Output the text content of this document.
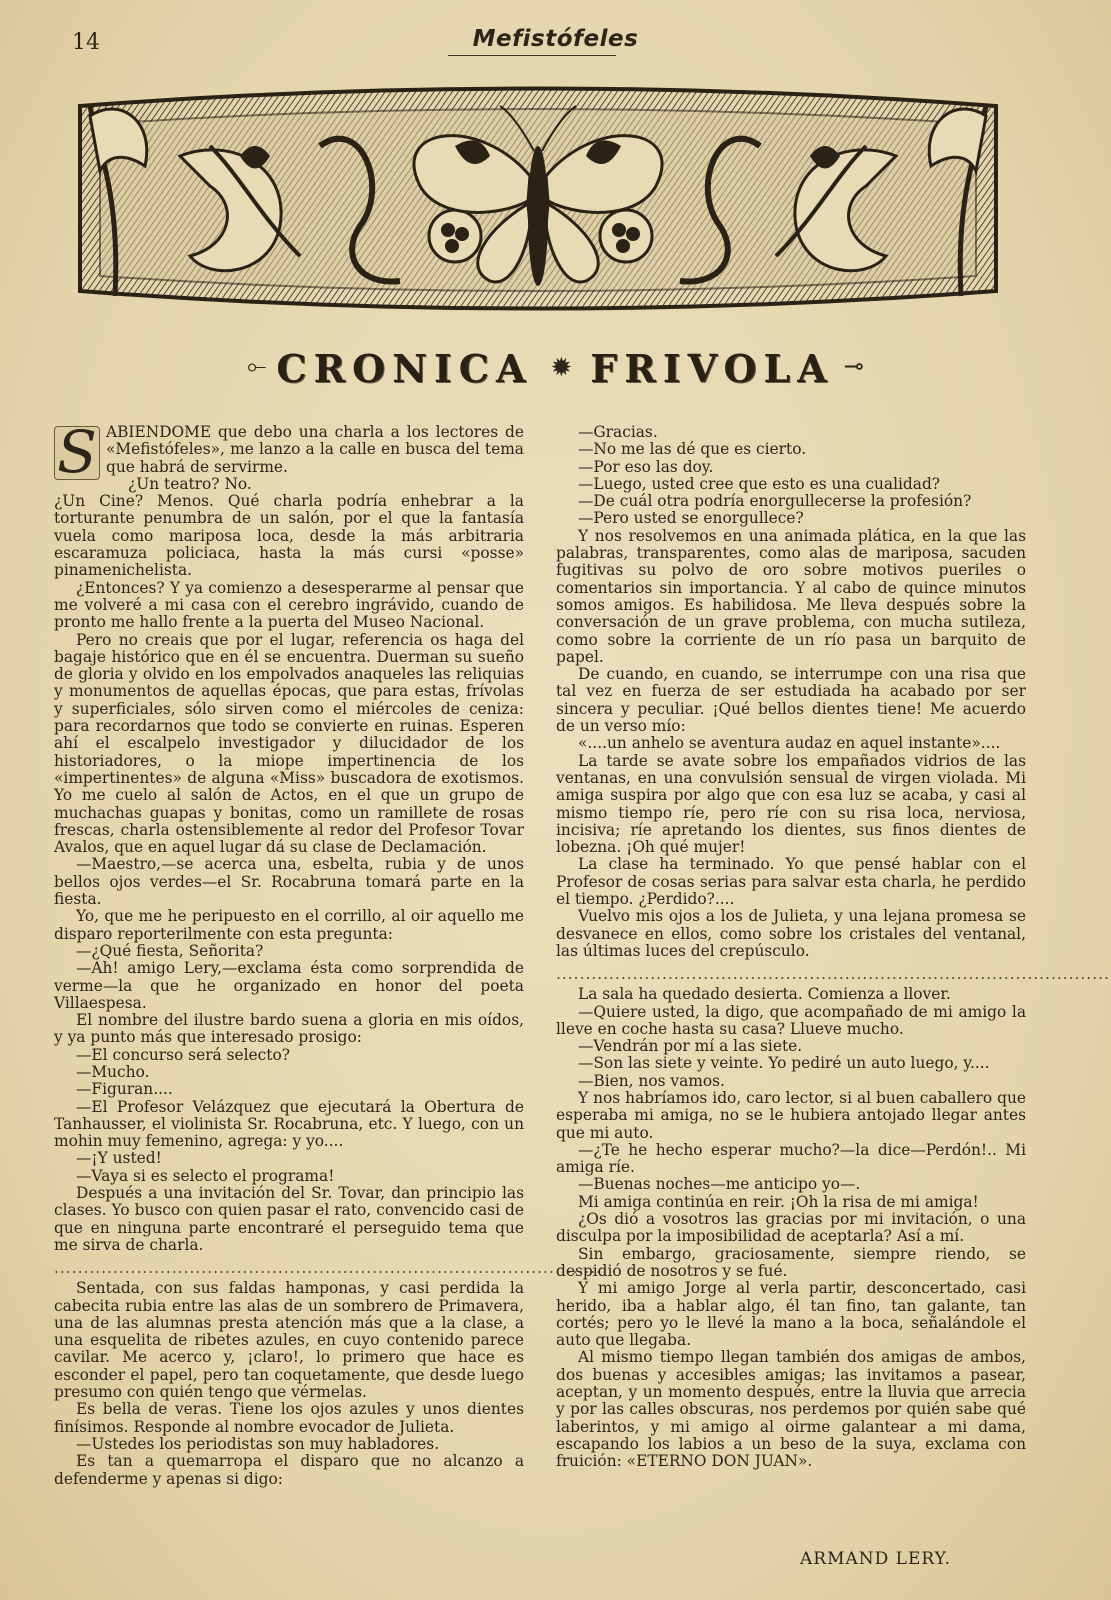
14	Mefistófeles
⟜ CRONICA ✹ FRIVOLA ⊸
S ABIENDOME que debo una charla a los lectores de «Mefistófeles», me lanzo a la calle en busca del tema que habrá de servirme.

¿Un teatro? No.

¿Un Cine? Menos. Qué charla podría enhebrar a la torturante penumbra de un salón, por el que la fantasía vuela como mariposa loca, desde la más arbitraria escaramuza policiaca, hasta la más cursi «posse» pinamenichelista.

¿Entonces? Y ya comienzo a desesperarme al pensar que me volveré a mi casa con el cerebro ingrávido, cuando de pronto me hallo frente a la puerta del Museo Nacional.

Pero no creais que por el lugar, referencia os haga del bagaje histórico que en él se encuentra. Duerman su sueño de gloria y olvido en los empolvados anaqueles las reliquias y monumentos de aquellas épocas, que para estas, frívolas y superficiales, sólo sirven como el miércoles de ceniza: para recordarnos que todo se convierte en ruinas. Esperen ahí el escalpelo investigador y dilucidador de los historiadores, o la miope impertinencia de los «impertinentes» de alguna «Miss» buscadora de exotismos. Yo me cuelo al salón de Actos, en el que un grupo de muchachas guapas y bonitas, como un ramillete de rosas frescas, charla ostensiblemente al redor del Profesor Tovar Avalos, que en aquel lugar dá su clase de Declamación.

—Maestro,—se acerca una, esbelta, rubia y de unos bellos ojos verdes—el Sr. Rocabruna tomará parte en la fiesta.

Yo, que me he peripuesto en el corrillo, al oir aquello me disparo reporterilmente con esta pregunta:

—¿Qué fiesta, Señorita?

—Ah! amigo Lery,—exclama ésta como sorprendida de verme—la que he organizado en honor del poeta Villaespesa.

El nombre del ilustre bardo suena a gloria en mis oídos, y ya punto más que interesado prosigo:

—El concurso será selecto?

—Mucho.

—Figuran....

—El Profesor Velázquez que ejecutará la Obertura de Tanhausser, el violinista Sr. Rocabruna, etc. Y luego, con un mohin muy femenino, agrega: y yo....

—¡Y usted!

—Vaya si es selecto el programa!

Después a una invitación del Sr. Tovar, dan principio las clases. Yo busco con quien pasar el rato, convencido casi de que en ninguna parte encontraré el perseguido tema que me sirva de charla.

..............................................................................................

Sentada, con sus faldas hamponas, y casi perdida la cabecita rubia entre las alas de un sombrero de Primavera, una de las alumnas presta atención más que a la clase, a una esquelita de ribetes azules, en cuyo contenido parece cavilar. Me acerco y, ¡claro!, lo primero que hace es esconder el papel, pero tan coquetamente, que desde luego presumo con quién tengo que vérmelas.

Es bella de veras. Tiene los ojos azules y unos dientes finísimos. Responde al nombre evocador de Julieta.

—Ustedes los periodistas son muy habladores.

Es tan a quemarropa el disparo que no alcanzo a defenderme y apenas si digo:

—Gracias.

—No me las dé que es cierto.

—Por eso las doy.

—Luego, usted cree que esto es una cualidad?

—De cuál otra podría enorgullecerse la profesión?

—Pero usted se enorgullece?

Y nos resolvemos en una animada plática, en la que las palabras, transparentes, como alas de mariposa, sacuden fugitivas su polvo de oro sobre motivos pueriles o comentarios sin importancia. Y al cabo de quince minutos somos amigos. Es habilidosa. Me lleva después sobre la conversación de un grave problema, con mucha sutileza, como sobre la corriente de un río pasa un barquito de papel.

De cuando, en cuando, se interrumpe con una risa que tal vez en fuerza de ser estudiada ha acabado por ser sincera y peculiar. ¡Qué bellos dientes tiene! Me acuerdo de un verso mío:

«....un anhelo se aventura audaz en aquel instante»....

La tarde se avate sobre los empañados vidrios de las ventanas, en una convulsión sensual de virgen violada. Mi amiga suspira por algo que con esa luz se acaba, y casi al mismo tiempo ríe, pero ríe con su risa loca, nerviosa, incisiva; ríe apretando los dientes, sus finos dientes de lobezna. ¡Oh qué mujer!

La clase ha terminado. Yo que pensé hablar con el Profesor de cosas serias para salvar esta charla, he perdido el tiempo. ¿Perdido?....

Vuelvo mis ojos a los de Julieta, y una lejana promesa se desvanece en ellos, como sobre los cristales del ventanal, las últimas luces del crepúsculo.

..............................................................................................

La sala ha quedado desierta. Comienza a llover.

—Quiere usted, la digo, que acompañado de mi amigo la lleve en coche hasta su casa? Llueve mucho.

—Vendrán por mí a las siete.

—Son las siete y veinte. Yo pediré un auto luego, y....

—Bien, nos vamos.

Y nos habríamos ido, caro lector, si al buen caballero que esperaba mi amiga, no se le hubiera antojado llegar antes que mi auto.

—¿Te he hecho esperar mucho?—la dice—Perdón!.. Mi amiga ríe.

—Buenas noches—me anticipo yo—.

Mi amiga continúa en reir. ¡Oh la risa de mi amiga!

¿Os dió a vosotros las gracias por mi invitación, o una disculpa por la imposibilidad de aceptarla? Así a mí.

Sin embargo, graciosamente, siempre riendo, se despidió de nosotros y se fué.

Y mi amigo Jorge al verla partir, desconcertado, casi herido, iba a hablar algo, él tan fino, tan galante, tan cortés; pero yo le llevé la mano a la boca, señalándole el auto que llegaba.

Al mismo tiempo llegan también dos amigas de ambos, dos buenas y accesibles amigas; las invitamos a pasear, aceptan, y un momento después, entre la lluvia que arrecia y por las calles obscuras, nos perdemos por quién sabe qué laberintos, y mi amigo al oirme galantear a mi dama, escapando los labios a un beso de la suya, exclama con fruición: «ETERNO DON JUAN».

ARMAND LERY.
